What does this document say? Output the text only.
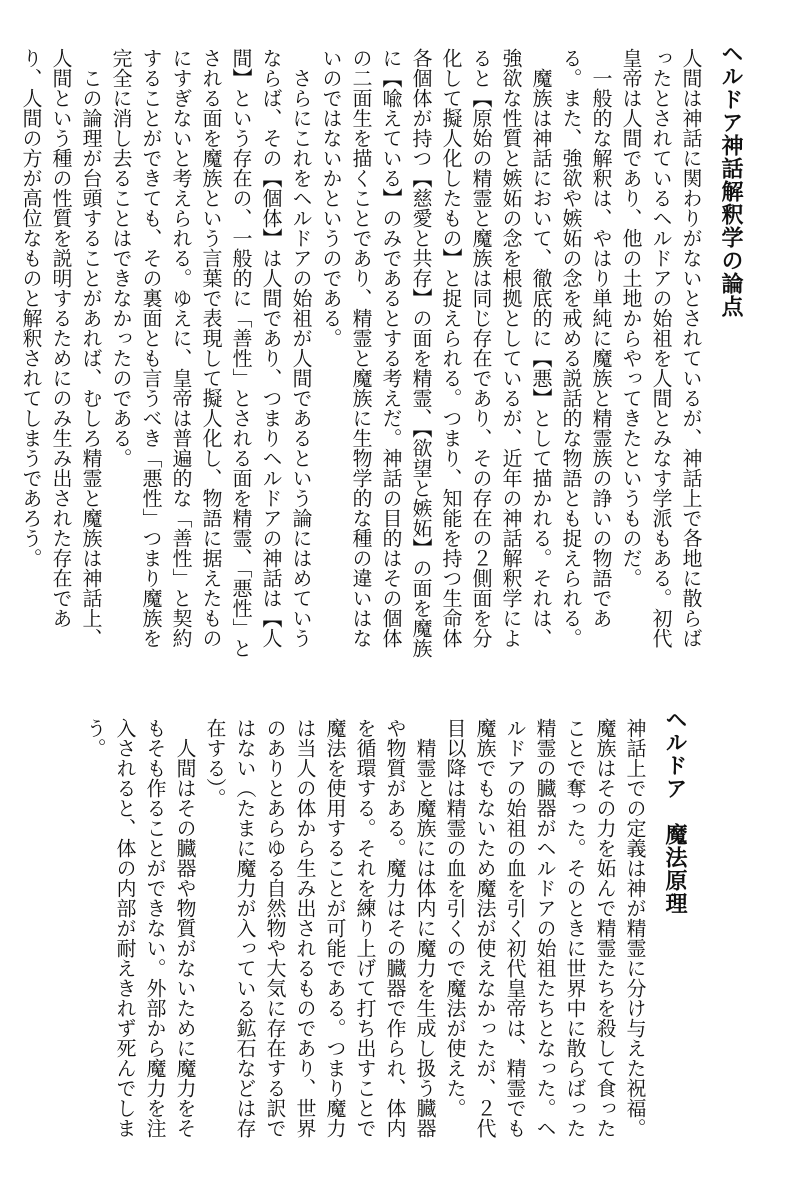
ヘルドア神話解釈学の論点
人間は神話に関わりがないとされているが、神話上で各地に散らばったとされているヘルドアの始祖を人間とみなす学派もある。初代皇帝は人間であり、他の土地からやってきたというものだ。
一般的な解釈は、やはり単純に魔族と精霊族の諍いの物語である。また、強欲や嫉妬の念を戒める説話的な物語とも捉えられる。
魔族は神話において、徹底的に【悪】として描かれる。それは、強欲な性質と嫉妬の念を根拠としているが、近年の神話解釈学によると【原始の精霊と魔族は同じ存在であり、その存在の２側面を分化して擬人化したもの】と捉えられる。つまり、知能を持つ生命体各個体が持つ【慈愛と共存】の面を精霊、【欲望と嫉妬】の面を魔族に【喩えている】のみであるとする考えだ。神話の目的はその個体の二面生を描くことであり、精霊と魔族に生物学的な種の違いはないのではないかというのである。
さらにこれをヘルドアの始祖が人間であるという論にはめていうならば、その【個体】は人間であり、つまりヘルドアの神話は【人間】という存在の、一般的に「善性」とされる面を精霊、「悪性」とされる面を魔族という言葉で表現して擬人化し、物語に据えたものにすぎないと考えられる。ゆえに、皇帝は普遍的な「善性」と契約することができても、その裏面とも言うべき「悪性」つまり魔族を完全に消し去ることはできなかったのである。
この論理が台頭することがあれば、むしろ精霊と魔族は神話上、人間という種の性質を説明するためにのみ生み出された存在であり、人間の方が高位なものと解釈されてしまうであろう。
ヘルドア　魔法原理
神話上での定義は神が精霊に分け与えた祝福。魔族はその力を妬んで精霊たちを殺して食ったことで奪った。そのときに世界中に散らばった精霊の臓器がヘルドアの始祖たちとなった。ヘルドアの始祖の血を引く初代皇帝は、精霊でも魔族でもないため魔法が使えなかったが、２代目以降は精霊の血を引くので魔法が使えた。
精霊と魔族には体内に魔力を生成し扱う臓器や物質がある。魔力はその臓器で作られ、体内を循環する。それを練り上げて打ち出すことで魔法を使用することが可能である。つまり魔力は当人の体から生み出されるものであり、世界のありとあらゆる自然物や大気に存在する訳ではない（たまに魔力が入っている鉱石などは存在する）。
人間はその臓器や物質がないために魔力をそもそも作ることができない。外部から魔力を注入されると、体の内部が耐えきれず死んでしまう。
